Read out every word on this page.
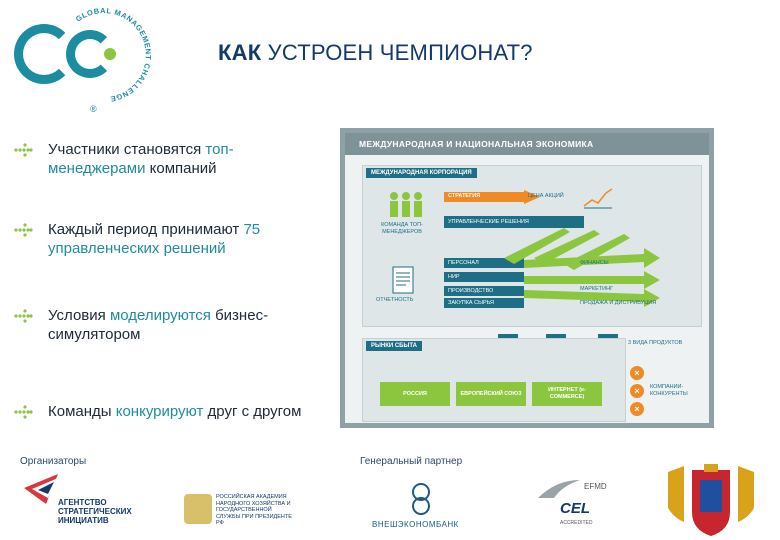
GLOBAL MANAGEMENT CHALLENGE
®
КАК УСТРОЕН ЧЕМПИОНАТ?
Участники становятся топ-менеджерами компаний
Каждый период принимают 75 управленческих решений
Условия моделируются бизнес-симулятором
Команды конкурируют друг с другом
МЕЖДУНАРОДНАЯ И НАЦИОНАЛЬНАЯ ЭКОНОМИКА
МЕЖДУНАРОДНАЯ КОРПОРАЦИЯ
СТРАТЕГИЯ	ЦЕНА АКЦИЙ
КОМАНДА ТОП-МЕНЕДЖЕРОВ
ОТЧЕТНОСТЬ
УПРАВЛЕНЧЕСКИЕ РЕШЕНИЯ
ПЕРСОНАЛ
НИР
ПРОИЗВОДСТВО
ЗАКУПКА СЫРЬЯ
ФИНАНСЫ
МАРКЕТИНГ
ПРОДАЖА И ДИСТРИБУЦИЯ
3 ВИДА ПРОДУКТОВ
РЫНКИ СБЫТА
РОССИЯ	ЕВРОПЕЙСКИЙ СОЮЗ
ИНТЕРНЕТ (e-COMMERCE)
×
×
×
КОМПАНИИ-КОНКУРЕНТЫ
Организаторы	Генеральный партнер
АГЕНТСТВО
СТРАТЕГИЧЕСКИХ
ИНИЦИАТИВ
РОССИЙСКАЯ АКАДЕМИЯ НАРОДНОГО ХОЗЯЙСТВА И ГОСУДАРСТВЕННОЙ СЛУЖБЫ ПРИ ПРЕЗИДЕНТЕ РФ	ВНЕШЭКОНОМБАНК
EFMD
CEL
ACCREDITED
